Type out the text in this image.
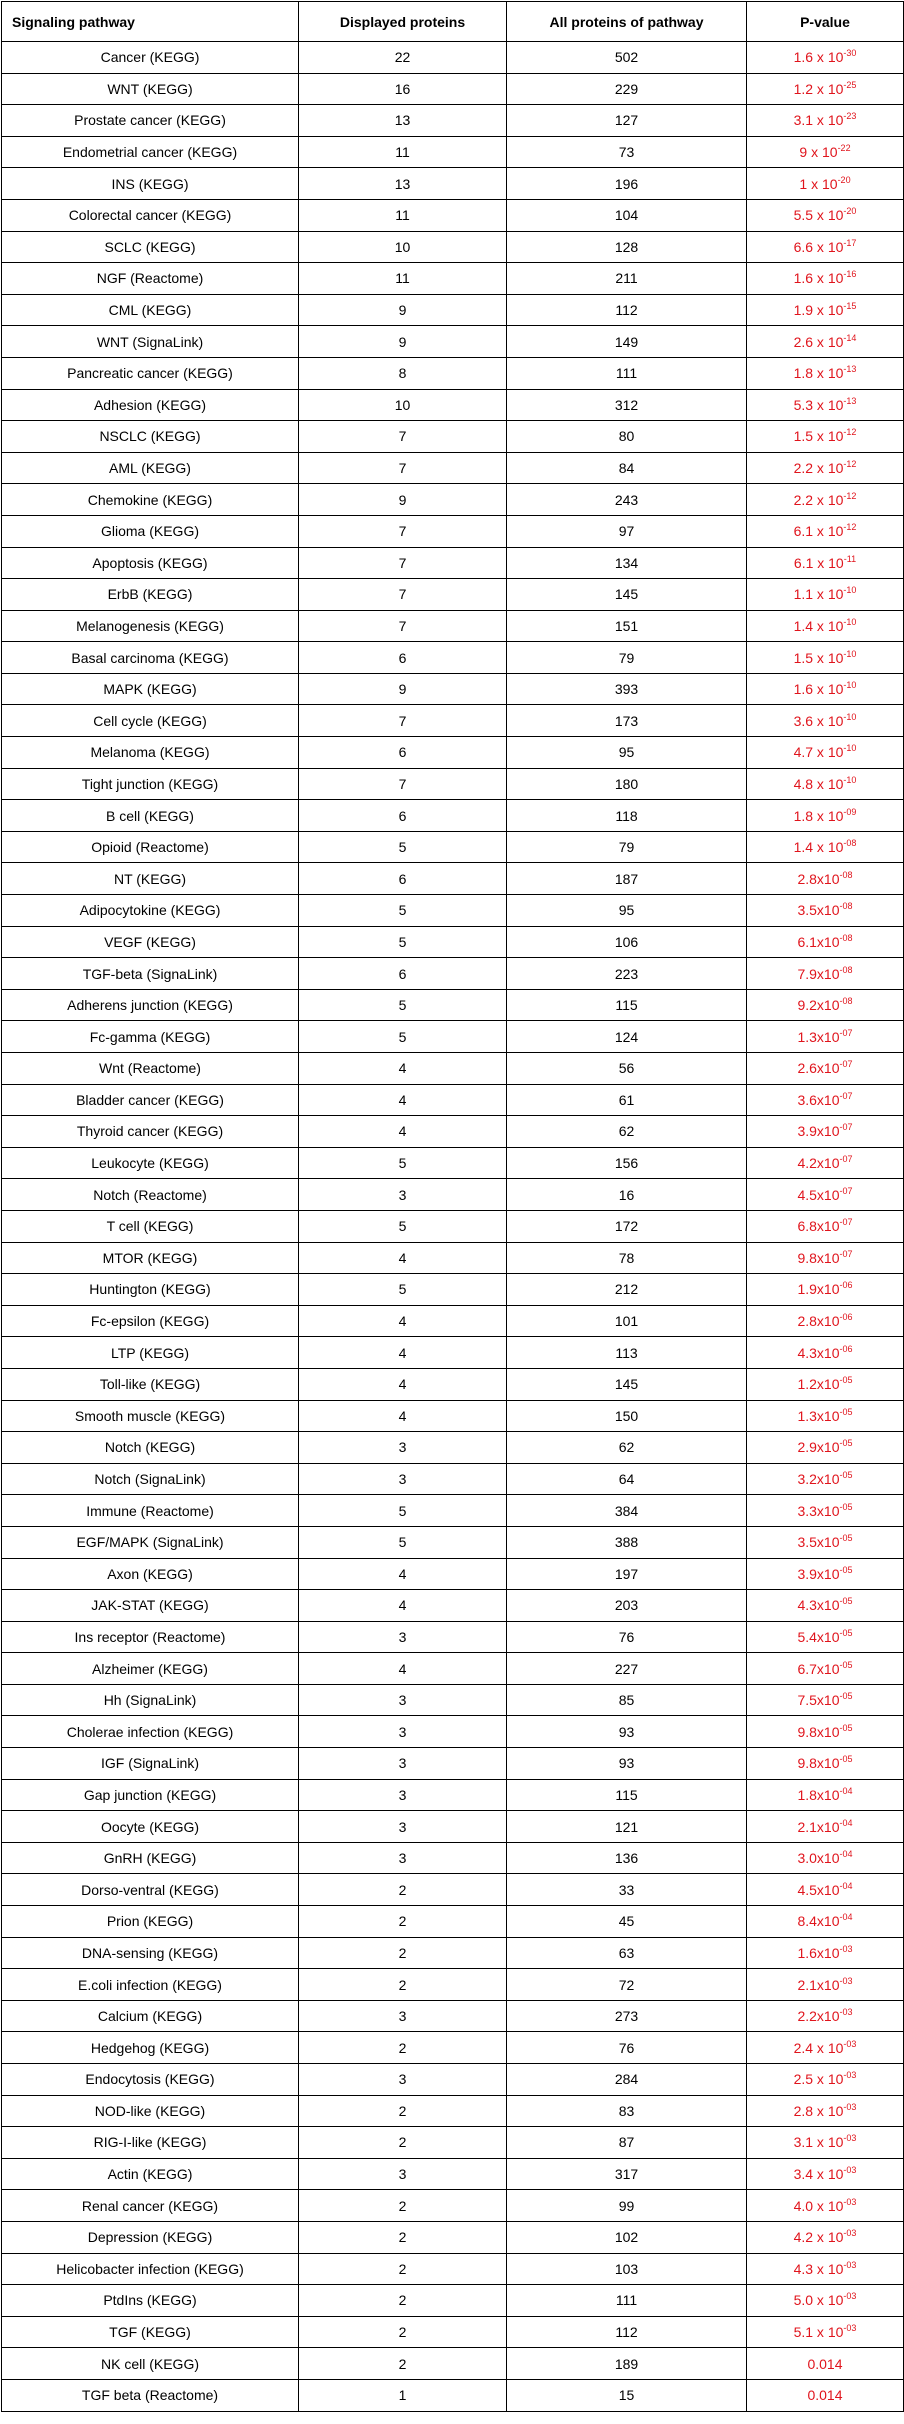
Signaling pathway	Displayed proteins	All proteins of pathway	P-value
Cancer (KEGG)	22	502	1.6 x $10^{-30}$
WNT (KEGG)	16	229	1.2 x $10^{-25}$
Prostate cancer (KEGG)	13	127	3.1 x $10^{-23}$
Endometrial cancer (KEGG)	11	73	9 x $10^{-22}$
INS (KEGG)	13	196	1 x $10^{-20}$
Colorectal cancer (KEGG)	11	104	5.5 x $10^{-20}$
SCLC (KEGG)	10	128	6.6 x $10^{-17}$
NGF (Reactome)	11	211	1.6 x $10^{-16}$
CML (KEGG)	9	112	1.9 x $10^{-15}$
WNT (SignaLink)	9	149	2.6 x $10^{-14}$
Pancreatic cancer (KEGG)	8	111	1.8 x $10^{-13}$
Adhesion (KEGG)	10	312	5.3 x $10^{-13}$
NSCLC (KEGG)	7	80	1.5 x $10^{-12}$
AML (KEGG)	7	84	2.2 x $10^{-12}$
Chemokine (KEGG)	9	243	2.2 x $10^{-12}$
Glioma (KEGG)	7	97	6.1 x $10^{-12}$
Apoptosis (KEGG)	7	134	6.1 x $10^{-11}$
ErbB (KEGG)	7	145	1.1 x $10^{-10}$
Melanogenesis (KEGG)	7	151	1.4 x $10^{-10}$
Basal carcinoma (KEGG)	6	79	1.5 x $10^{-10}$
MAPK (KEGG)	9	393	1.6 x $10^{-10}$
Cell cycle (KEGG)	7	173	3.6 x $10^{-10}$
Melanoma (KEGG)	6	95	4.7 x $10^{-10}$
Tight junction (KEGG)	7	180	4.8 x $10^{-10}$
B cell (KEGG)	6	118	1.8 x $10^{-09}$
Opioid (Reactome)	5	79	1.4 x $10^{-08}$
NT (KEGG)	6	187	$2.8x10^{-08}$
Adipocytokine (KEGG)	5	95	$3.5x10^{-08}$
VEGF (KEGG)	5	106	$6.1x10^{-08}$
TGF-beta (SignaLink)	6	223	$7.9x10^{-08}$
Adherens junction (KEGG)	5	115	$9.2x10^{-08}$
Fc-gamma (KEGG)	5	124	$1.3x10^{-07}$
Wnt (Reactome)	4	56	$2.6x10^{-07}$
Bladder cancer (KEGG)	4	61	$3.6x10^{-07}$
Thyroid cancer (KEGG)	4	62	$3.9x10^{-07}$
Leukocyte (KEGG)	5	156	$4.2x10^{-07}$
Notch (Reactome)	3	16	$4.5x10^{-07}$
T cell (KEGG)	5	172	$6.8x10^{-07}$
MTOR (KEGG)	4	78	$9.8x10^{-07}$
Huntington (KEGG)	5	212	$1.9x10^{-06}$
Fc-epsilon (KEGG)	4	101	$2.8x10^{-06}$
LTP (KEGG)	4	113	$4.3x10^{-06}$
Toll-like (KEGG)	4	145	$1.2x10^{-05}$
Smooth muscle (KEGG)	4	150	$1.3x10^{-05}$
Notch (KEGG)	3	62	$2.9x10^{-05}$
Notch (SignaLink)	3	64	$3.2x10^{-05}$
Immune (Reactome)	5	384	$3.3x10^{-05}$
EGF/MAPK (SignaLink)	5	388	$3.5x10^{-05}$
Axon (KEGG)	4	197	$3.9x10^{-05}$
JAK-STAT (KEGG)	4	203	$4.3x10^{-05}$
Ins receptor (Reactome)	3	76	$5.4x10^{-05}$
Alzheimer (KEGG)	4	227	$6.7x10^{-05}$
Hh (SignaLink)	3	85	$7.5x10^{-05}$
Cholerae infection (KEGG)	3	93	$9.8x10^{-05}$
IGF (SignaLink)	3	93	$9.8x10^{-05}$
Gap junction (KEGG)	3	115	$1.8x10^{-04}$
Oocyte (KEGG)	3	121	$2.1x10^{-04}$
GnRH (KEGG)	3	136	$3.0x10^{-04}$
Dorso-ventral (KEGG)	2	33	$4.5x10^{-04}$
Prion (KEGG)	2	45	$8.4x10^{-04}$
DNA-sensing (KEGG)	2	63	$1.6x10^{-03}$
E.coli infection (KEGG)	2	72	$2.1x10^{-03}$
Calcium (KEGG)	3	273	$2.2x10^{-03}$
Hedgehog (KEGG)	2	76	2.4 x $10^{-03}$
Endocytosis (KEGG)	3	284	2.5 x $10^{-03}$
NOD-like (KEGG)	2	83	2.8 x $10^{-03}$
RIG-I-like (KEGG)	2	87	3.1 x $10^{-03}$
Actin (KEGG)	3	317	3.4 x $10^{-03}$
Renal cancer (KEGG)	2	99	4.0 x $10^{-03}$
Depression (KEGG)	2	102	4.2 x $10^{-03}$
Helicobacter infection (KEGG)	2	103	4.3 x $10^{-03}$
PtdIns (KEGG)	2	111	5.0 x $10^{-03}$
TGF (KEGG)	2	112	5.1 x $10^{-03}$
NK cell (KEGG)	2	189	0.014
TGF beta (Reactome)	1	15	0.014
